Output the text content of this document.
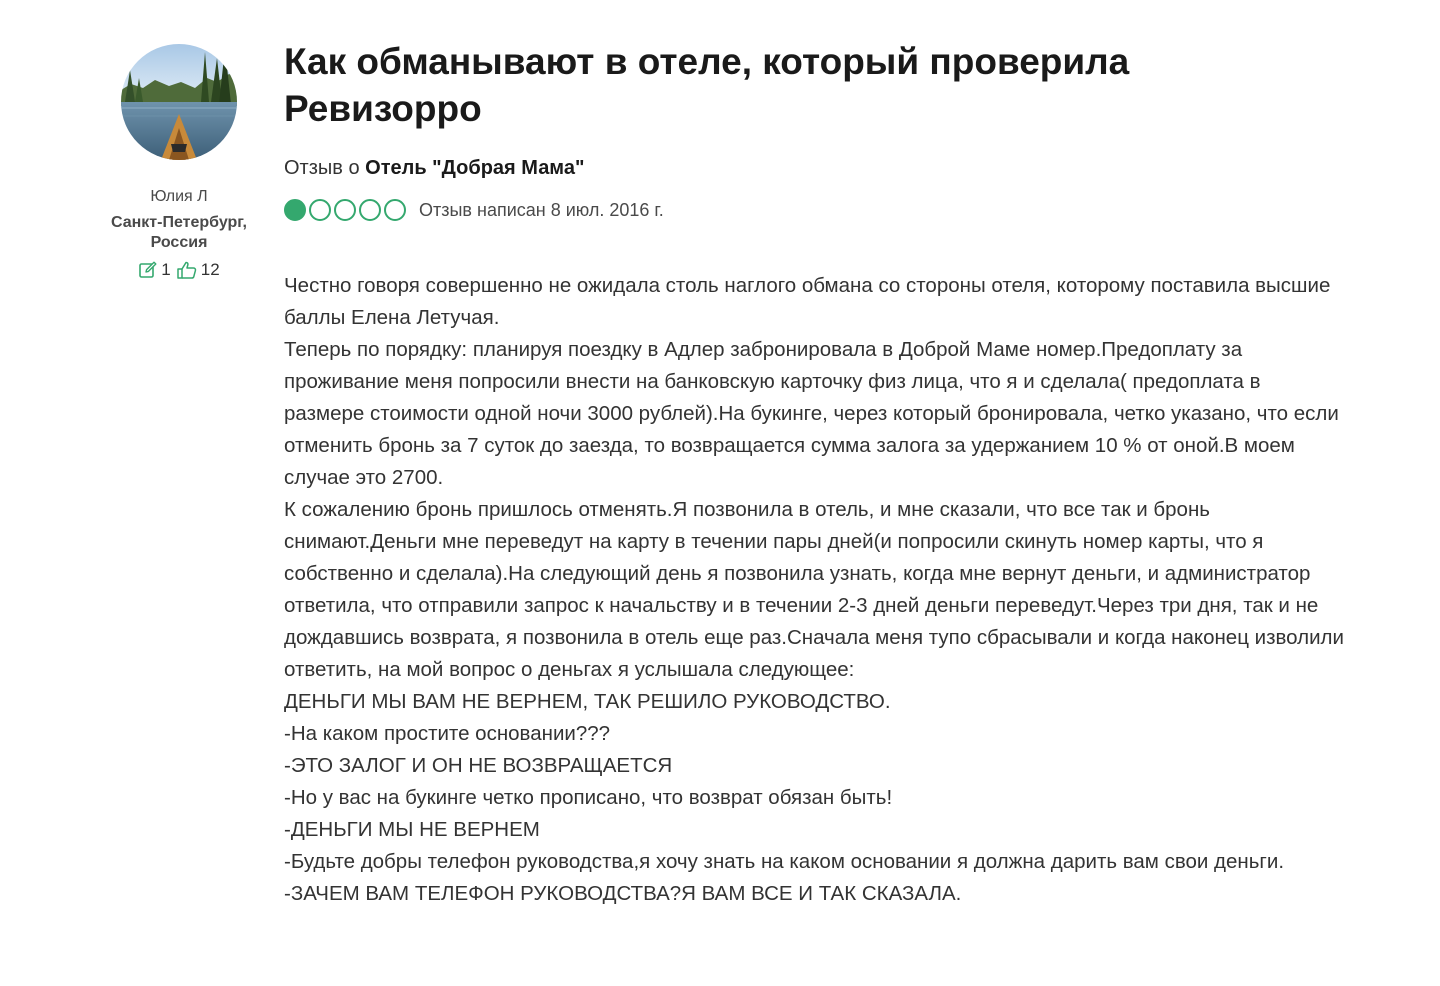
Юлия Л
Санкт-Петербург, Россия
1 12
Как обманывают в отеле, который проверила Ревизорро
Отзыв о Отель "Добрая Мама"
Отзыв написан 8 июл. 2016 г.

Честно говоря совершенно не ожидала столь наглого обмана со стороны отеля, которому поставила высшие баллы Елена Летучая.

Теперь по порядку: планируя поездку в Адлер забронировала в Доброй Маме номер.Предоплату за проживание меня попросили внести на банковскую карточку физ лица, что я и сделала( предоплата в размере стоимости одной ночи 3000 рублей).На букинге, через который бронировала, четко указано, что если отменить бронь за 7 суток до заезда, то возвращается сумма залога за удержанием 10 % от оной.В моем случае это 2700.

К сожалению бронь пришлось отменять.Я позвонила в отель, и мне сказали, что все так и бронь снимают.Деньги мне переведут на карту в течении пары дней(и попросили скинуть номер карты, что я собственно и сделала).На следующий день я позвонила узнать, когда мне вернут деньги, и администратор ответила, что отправили запрос к начальству и в течении 2-3 дней деньги переведут.Через три дня, так и не дождавшись возврата, я позвонила в отель еще раз.Сначала меня тупо сбрасывали и когда наконец изволили ответить, на мой вопрос о деньгах я услышала следующее:

ДЕНЬГИ МЫ ВАМ НЕ ВЕРНЕМ, ТАК РЕШИЛО РУКОВОДСТВО.

-На каком простите основании???

-ЭТО ЗАЛОГ И ОН НЕ ВОЗВРАЩАЕТСЯ

-Но у вас на букинге четко прописано, что возврат обязан быть!

-ДЕНЬГИ МЫ НЕ ВЕРНЕМ

-Будьте добры телефон руководства,я хочу знать на каком основании я должна дарить вам свои деньги.

-ЗАЧЕМ ВАМ ТЕЛЕФОН РУКОВОДСТВА?Я ВАМ ВСЕ И ТАК СКАЗАЛА.
